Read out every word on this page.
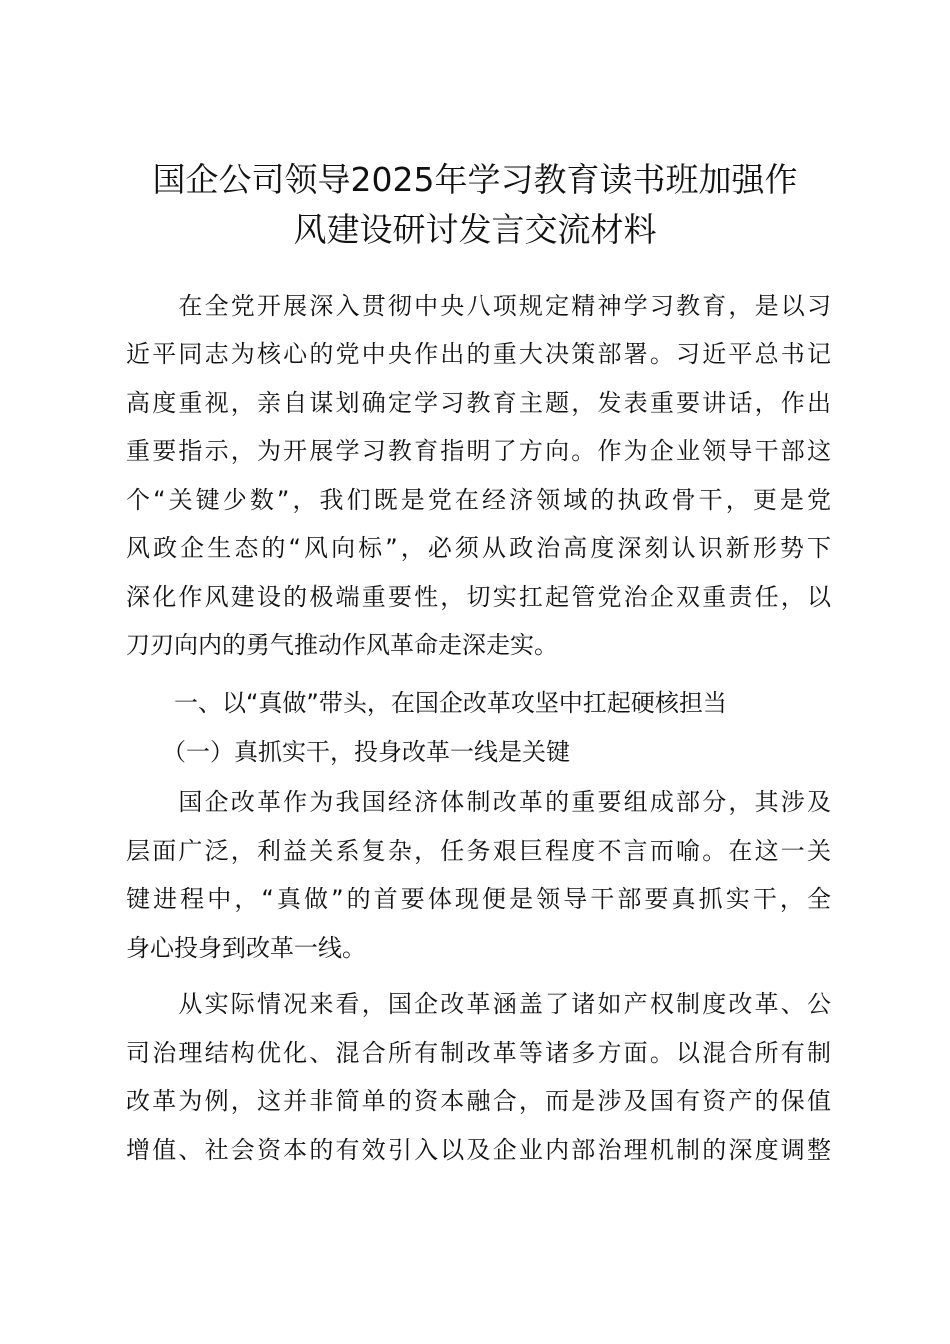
国企公司领导2025年学习教育读书班加强作
风建设研讨发言交流材料
　　在全党开展深入贯彻中央八项规定精神学习教育，是以习
近平同志为核心的党中央作出的重大决策部署。习近平总书记
高度重视，亲自谋划确定学习教育主题，发表重要讲话，作出
重要指示，为开展学习教育指明了方向。作为企业领导干部这
个“关键少数”，我们既是党在经济领域的执政骨干，更是党
风政企生态的“风向标”，必须从政治高度深刻认识新形势下
深化作风建设的极端重要性，切实扛起管党治企双重责任，以
刀刃向内的勇气推动作风革命走深走实。
　　一、以“真做”带头，在国企改革攻坚中扛起硬核担当
　　（一）真抓实干，投身改革一线是关键
　　国企改革作为我国经济体制改革的重要组成部分，其涉及
层面广泛，利益关系复杂，任务艰巨程度不言而喻。在这一关
键进程中，“真做”的首要体现便是领导干部要真抓实干，全
身心投身到改革一线。
　　从实际情况来看，国企改革涵盖了诸如产权制度改革、公
司治理结构优化、混合所有制改革等诸多方面。以混合所有制
改革为例，这并非简单的资本融合，而是涉及国有资产的保值
增值、社会资本的有效引入以及企业内部治理机制的深度调整
